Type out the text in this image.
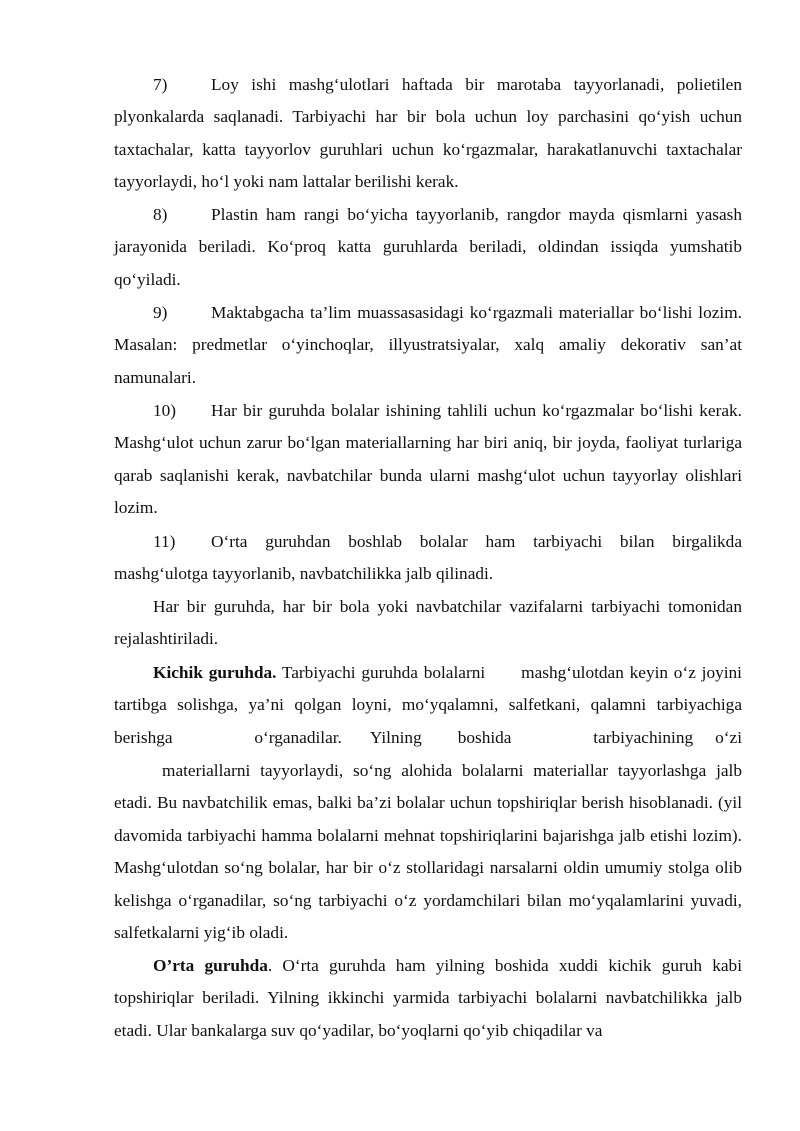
7)	Loy ishi mashg‘ulotlari haftada bir marotaba tayyorlanadi, polietilen plyonkalarda saqlanadi. Tarbiyachi har bir bola uchun loy parchasini qo‘yish uchun taxtachalar, katta tayyorlov guruhlari uchun ko‘rgazmalar, harakatlanuvchi taxtachalar tayyorlaydi, ho‘l yoki nam lattalar berilishi kerak.

8)	Plastin ham rangi bo‘yicha tayyorlanib, rangdor mayda qismlarni yasash jarayonida beriladi. Ko‘proq katta guruhlarda beriladi, oldindan issiqda yumshatib qo‘yiladi.

9)	Maktabgacha ta’lim muassasasidagi ko‘rgazmali materiallar bo‘lishi lozim. Masalan: predmetlar o‘yinchoqlar, illyustratsiyalar, xalq amaliy dekorativ san’at namunalari.

10) Har bir guruhda bolalar ishining tahlili uchun ko‘rgazmalar bo‘lishi kerak. Mashg‘ulot uchun zarur bo‘lgan materiallarning har biri aniq, bir joyda, faoliyat turlariga qarab saqlanishi kerak, navbatchilar bunda ularni mashg‘ulot uchun tayyorlay olishlari lozim.

11) O‘rta guruhdan boshlab bolalar ham tarbiyachi bilan birgalikda mashg‘ulotga tayyorlanib, navbatchilikka jalb qilinadi.

Har bir guruhda, har bir bola yoki navbatchilar vazifalarni tarbiyachi tomonidan rejalashtiriladi.

Kichik guruhda. Tarbiyachi guruhda bolalarni mashg‘ulotdan keyin o‘z joyini tartibga solishga, ya’ni qolgan loyni, mo‘yqalamni, salfetkani, qalamni tarbiyachiga berishga o‘rganadilar. Yilning boshida tarbiyachining o‘zi

materiallarni tayyorlaydi, so‘ng alohida bolalarni materiallar tayyorlashga jalb etadi. Bu navbatchilik emas, balki ba’zi bolalar uchun topshiriqlar berish hisoblanadi. (yil davomida tarbiyachi hamma bolalarni mehnat topshiriqlarini bajarishga jalb etishi lozim). Mashg‘ulotdan so‘ng bolalar, har bir o‘z stollaridagi narsalarni oldin umumiy stolga olib kelishga o‘rganadilar, so‘ng tarbiyachi o‘z yordamchilari bilan mo‘yqalamlarini yuvadi, salfetkalarni yig‘ib oladi.

O’rta guruhda. O‘rta guruhda ham yilning boshida xuddi kichik guruh kabi topshiriqlar beriladi. Yilning ikkinchi yarmida tarbiyachi bolalarni navbatchilikka jalb etadi. Ular bankalarga suv qo‘yadilar, bo‘yoqlarni qo‘yib chiqadilar va
